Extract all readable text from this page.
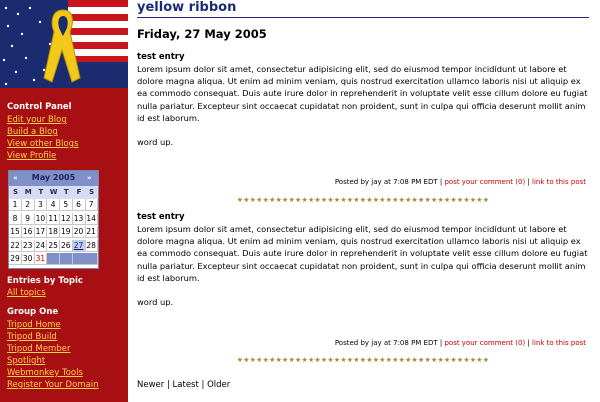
Control Panel
Edit your Blog
Build a Blog
View other Blogs
View Profile
«	May 2005	»
S M T W T	F	S
1	2	3	4	5	6	7
8	9 10 11 12 13 14
15 16 17 18 19 20 21
22 23 24 25 26 27 28
29 30 31
Entries by Topic
All topics
Group One
Tripod Home
Tripod Build
Tripod Member
Spotlight
Webmonkey Tools
Register Your Domain
yellow ribbon
Friday, 27 May 2005
test entry
Lorem ipsum dolor sit amet, consectetur adipisicing elit, sed do eiusmod tempor incididunt ut labore et dolore magna aliqua. Ut enim ad minim veniam, quis nostrud exercitation ullamco laboris nisi ut aliquip ex ea commodo consequat. Duis aute irure dolor in reprehenderit in voluptate velit esse cillum dolore eu fugiat nulla pariatur. Excepteur sint occaecat cupidatat non proident, sunt in culpa qui officia deserunt mollit anim id est laborum.
word up.
Posted by jay at 7:08 PM EDT | post your comment (0) | link to this post
★★★★★★★★★★★★★★★★★★★★★★★★★★★★★★★★★★★★★★★
test entry
Lorem ipsum dolor sit amet, consectetur adipisicing elit, sed do eiusmod tempor incididunt ut labore et dolore magna aliqua. Ut enim ad minim veniam, quis nostrud exercitation ullamco laboris nisi ut aliquip ex ea commodo consequat. Duis aute irure dolor in reprehenderit in voluptate velit esse cillum dolore eu fugiat nulla pariatur. Excepteur sint occaecat cupidatat non proident, sunt in culpa qui officia deserunt mollit anim id est laborum.
word up.
Posted by jay at 7:08 PM EDT | post your comment (0) | link to this post
★★★★★★★★★★★★★★★★★★★★★★★★★★★★★★★★★★★★★★★
Newer | Latest | Older
